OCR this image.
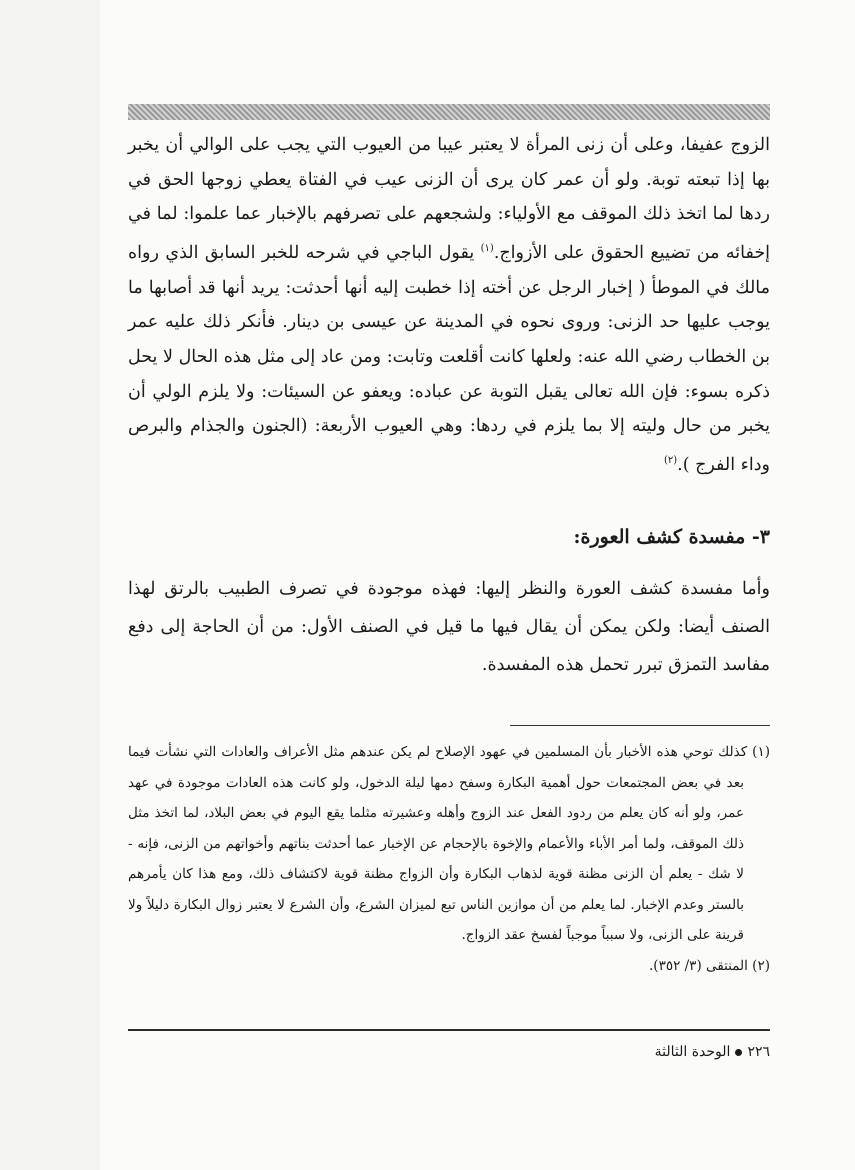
الزوج عفيفا، وعلى أن زنى المرأة لا يعتبر عيبا من العيوب التي يجب على الوالي أن يخبر بها إذا تبعته توبة. ولو أن عمر كان يرى أن الزنى عيب في الفتاة يعطي زوجها الحق في ردها لما اتخذ ذلك الموقف مع الأولياء: ولشجعهم على تصرفهم بالإخبار عما علموا: لما في إخفائه من تضييع الحقوق على الأزواج.$^{(١)}$ يقول الباجي في شرحه للخبر السابق الذي رواه مالك في الموطأ ( إخبار الرجل عن أخته إذا خطبت إليه أنها أحدثت: يريد أنها قد أصابها ما يوجب عليها حد الزنى: وروى نحوه في المدينة عن عيسى بن دينار. فأنكر ذلك عليه عمر بن الخطاب رضي الله عنه: ولعلها كانت أقلعت وتابت: ومن عاد إلى مثل هذه الحال لا يحل ذكره بسوء: فإن الله تعالى يقبل التوبة عن عباده: ويعفو عن السيئات: ولا يلزم الولي أن يخبر من حال وليته إلا بما يلزم في ردها: وهي العيوب الأربعة: (الجنون والجذام والبرص وداء الفرج ).$^{(٢)}$

٣- مفسدة كشف العورة:
وأما مفسدة كشف العورة والنظر إليها: فهذه موجودة في تصرف الطبيب بالرتق لهذا الصنف أيضا: ولكن يمكن أن يقال فيها ما قيل في الصنف الأول: من أن الحاجة إلى دفع مفاسد التمزق تبرر تحمل هذه المفسدة.

(١) كذلك توحي هذه الأخبار بأن المسلمين في عهود الإصلاح لم يكن عندهم مثل الأعراف والعادات التي نشأت فيما بعد في بعض المجتمعات حول أهمية البكارة وسفح دمها ليلة الدخول، ولو كانت هذه العادات موجودة في عهد عمر، ولو أنه كان يعلم من ردود الفعل عند الزوج وأهله وعشيرته مثلما يقع اليوم في بعض البلاد، لما اتخذ مثل ذلك الموقف، ولما أمر الأباء والأعمام والإخوة بالإحجام عن الإخبار عما أحدثت بناتهم وأخواتهم من الزنى، فإنه - لا شك - يعلم أن الزنى مظنة قوية لذهاب البكارة وأن الزواج مظنة قوية لاكتشاف ذلك، ومع هذا كان يأمرهم بالستر وعدم الإخبار. لما يعلم من أن موازين الناس تبع لميزان الشرع، وأن الشرع لا يعتبر زوال البكارة دليلاً ولا قرينة على الزنى، ولا سبباً موجباً لفسخ عقد الزواج.

(٢) المنتقى (٣/ ٣٥٢).

٢٢٦الوحدة الثالثة
